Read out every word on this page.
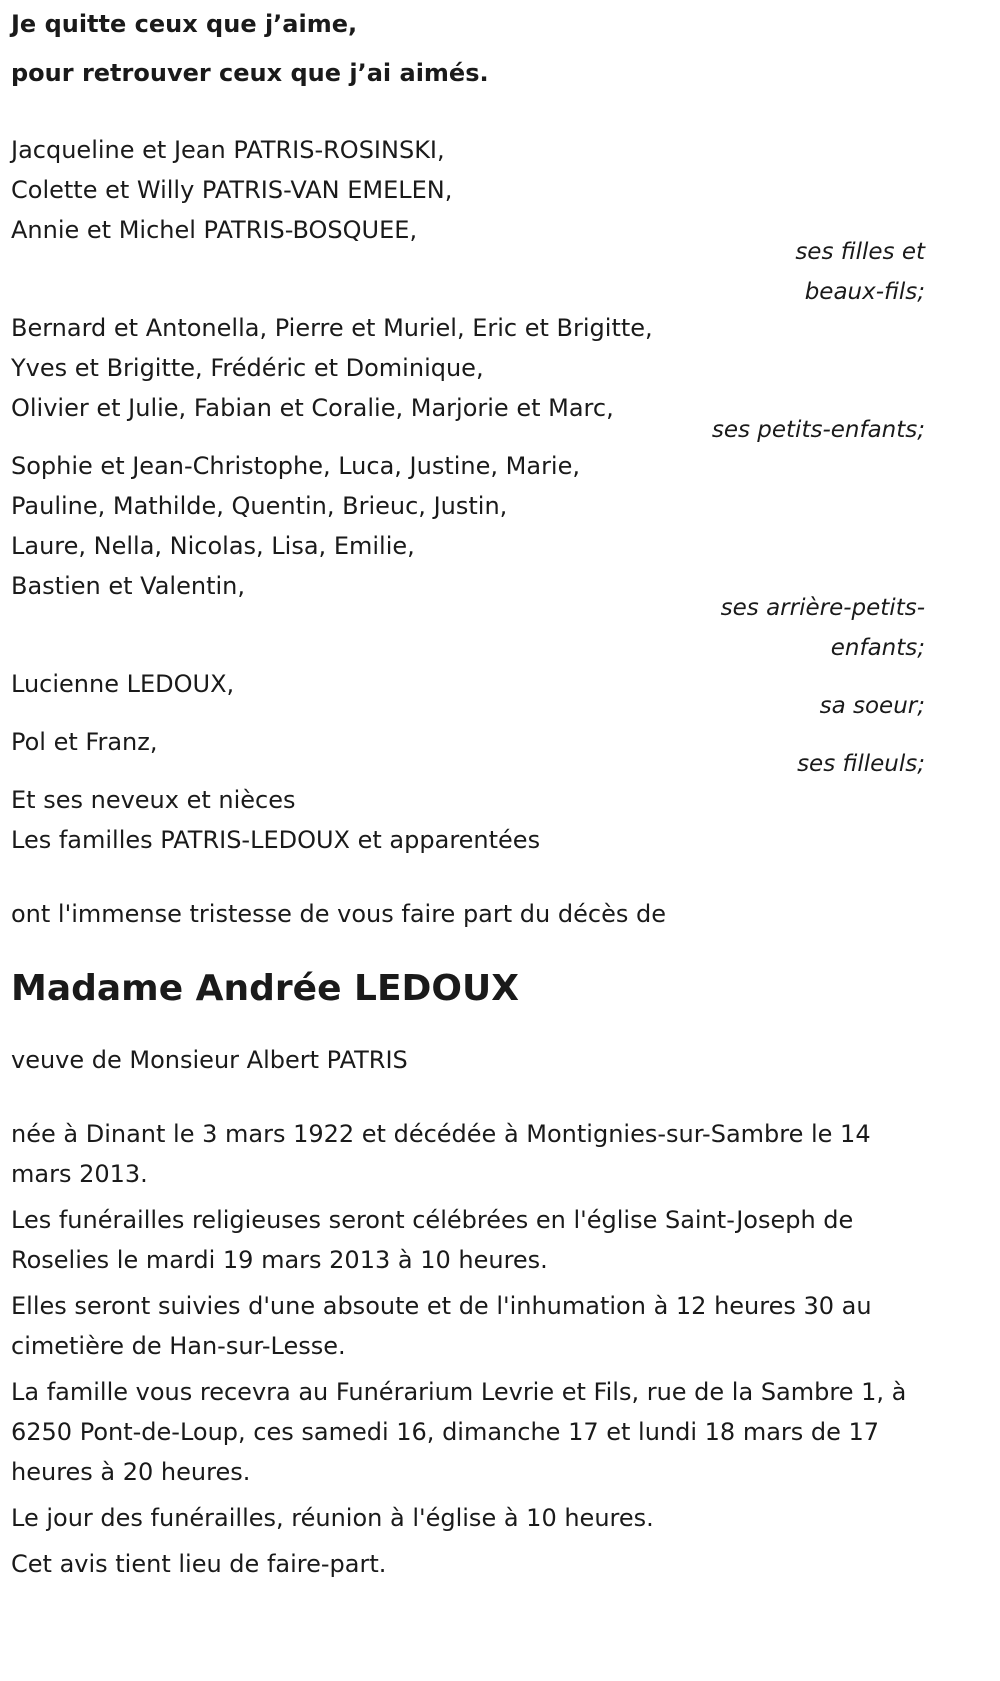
Je quitte ceux que j’aime,
pour retrouver ceux que j’ai aimés.
Jacqueline et Jean PATRIS-ROSINSKI,
Colette et Willy PATRIS-VAN EMELEN,
Annie et Michel PATRIS-BOSQUEE,
ses filles et
beaux-fils;
Bernard et Antonella, Pierre et Muriel, Eric et Brigitte,
Yves et Brigitte, Frédéric et Dominique,
Olivier et Julie, Fabian et Coralie, Marjorie et Marc,
ses petits-enfants;
Sophie et Jean-Christophe, Luca, Justine, Marie,
Pauline, Mathilde, Quentin, Brieuc, Justin,
Laure, Nella, Nicolas, Lisa, Emilie,
Bastien et Valentin,
ses arrière-petits-
enfants;
Lucienne LEDOUX,
sa soeur;
Pol et Franz,
ses filleuls;
Et ses neveux et nièces
Les familles PATRIS-LEDOUX et apparentées

ont l'immense tristesse de vous faire part du décès de

Madame Andrée LEDOUX

veuve de Monsieur Albert PATRIS

née à Dinant le 3 mars 1922 et décédée à Montignies-sur-Sambre le 14 mars 2013.

Les funérailles religieuses seront célébrées en l'église Saint-Joseph de Roselies le mardi 19 mars 2013 à 10 heures.

Elles seront suivies d'une absoute et de l'inhumation à 12 heures 30 au cimetière de Han-sur-Lesse.

La famille vous recevra au Funérarium Levrie et Fils, rue de la Sambre 1, à 6250 Pont-de-Loup, ces samedi 16, dimanche 17 et lundi 18 mars de 17 heures à 20 heures.

Le jour des funérailles, réunion à l'église à 10 heures.

Cet avis tient lieu de faire-part.
